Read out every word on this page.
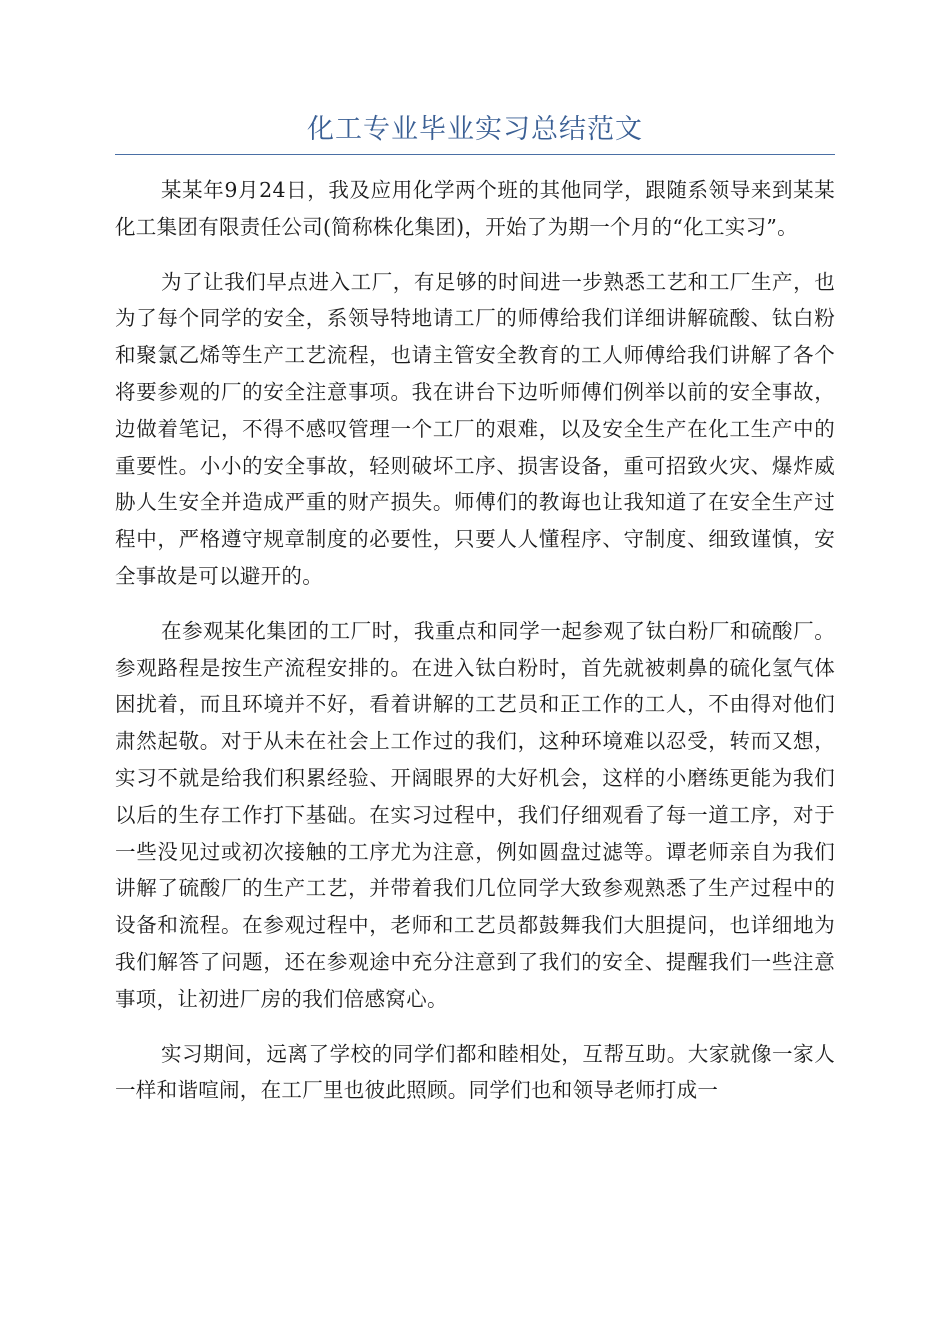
化工专业毕业实习总结范文

某某年9月24日，我及应用化学两个班的其他同学，跟随系领导来到某某化工集团有限责任公司(简称株化集团)，开始了为期一个月的“化工实习”。

为了让我们早点进入工厂，有足够的时间进一步熟悉工艺和工厂生产，也为了每个同学的安全，系领导特地请工厂的师傅给我们详细讲解硫酸、钛白粉和聚氯乙烯等生产工艺流程，也请主管安全教育的工人师傅给我们讲解了各个将要参观的厂的安全注意事项。我在讲台下边听师傅们例举以前的安全事故，边做着笔记，不得不感叹管理一个工厂的艰难，以及安全生产在化工生产中的重要性。小小的安全事故，轻则破坏工序、损害设备，重可招致火灾、爆炸威胁人生安全并造成严重的财产损失。师傅们的教诲也让我知道了在安全生产过程中，严格遵守规章制度的必要性，只要人人懂程序、守制度、细致谨慎，安全事故是可以避开的。

在参观某化集团的工厂时，我重点和同学一起参观了钛白粉厂和硫酸厂。参观路程是按生产流程安排的。在进入钛白粉时，首先就被刺鼻的硫化氢气体困扰着，而且环境并不好，看着讲解的工艺员和正工作的工人，不由得对他们肃然起敬。对于从未在社会上工作过的我们，这种环境难以忍受，转而又想，实习不就是给我们积累经验、开阔眼界的大好机会，这样的小磨练更能为我们以后的生存工作打下基础。在实习过程中，我们仔细观看了每一道工序，对于一些没见过或初次接触的工序尤为注意，例如圆盘过滤等。谭老师亲自为我们讲解了硫酸厂的生产工艺，并带着我们几位同学大致参观熟悉了生产过程中的设备和流程。在参观过程中，老师和工艺员都鼓舞我们大胆提问，也详细地为我们解答了问题，还在参观途中充分注意到了我们的安全、提醒我们一些注意事项，让初进厂房的我们倍感窝心。

实习期间，远离了学校的同学们都和睦相处，互帮互助。大家就像一家人一样和谐喧闹，在工厂里也彼此照顾。同学们也和领导老师打成一
